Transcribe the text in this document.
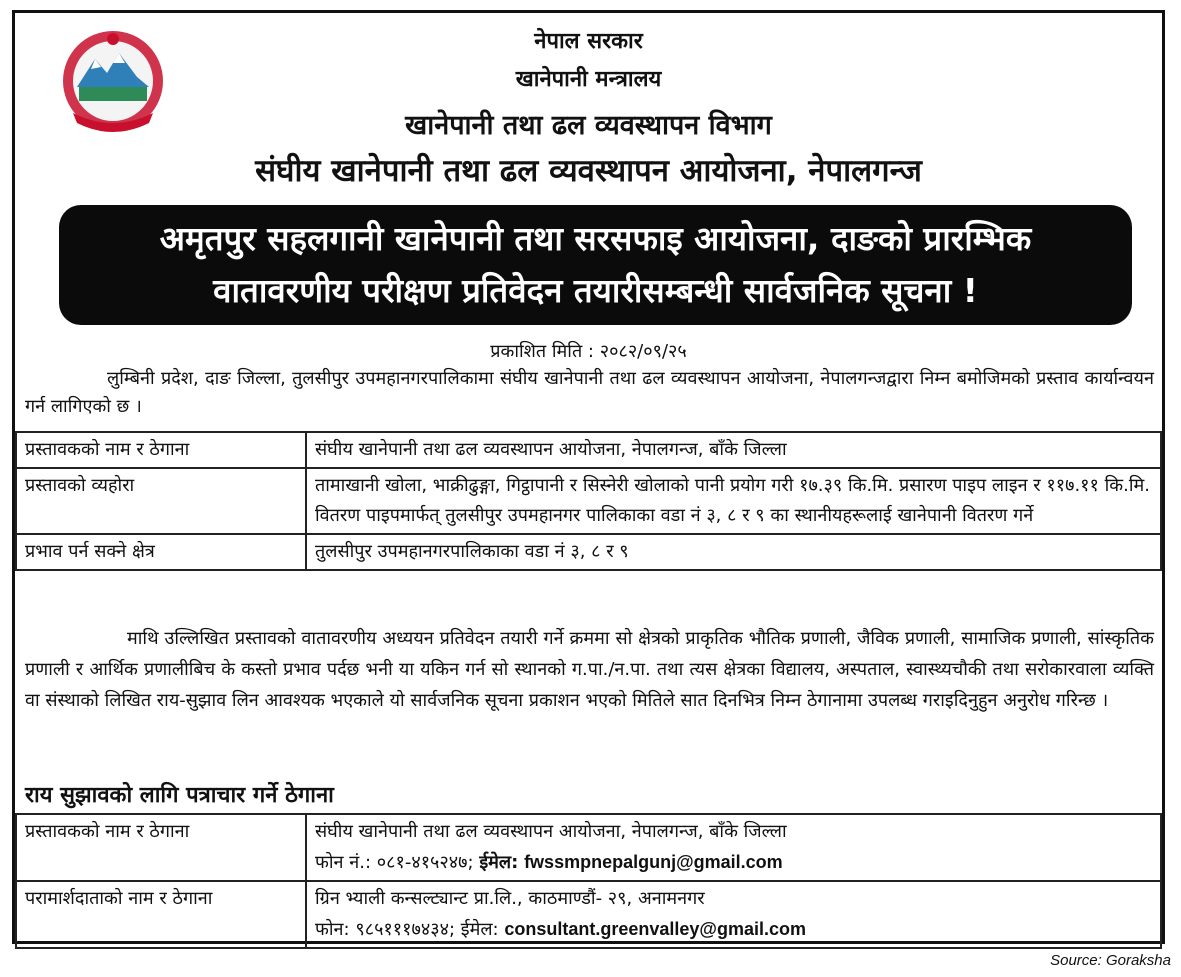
नेपाल सरकार
खानेपानी मन्त्रालय
खानेपानी तथा ढल व्यवस्थापन विभाग
संघीय खानेपानी तथा ढल व्यवस्थापन आयोजना, नेपालगन्ज
अमृतपुर सहलगानी खानेपानी तथा सरसफाइ आयोजना, दाङको प्रारम्भिक
वातावरणीय परीक्षण प्रतिवेदन तयारीसम्बन्धी सार्वजनिक सूचना !
प्रकाशित मिति : २०८२/०९/२५
लुम्बिनी प्रदेश, दाङ जिल्ला, तुलसीपुर उपमहानगरपालिकामा संघीय खानेपानी तथा ढल व्यवस्थापन आयोजना, नेपालगन्जद्वारा निम्न बमोजिमको प्रस्ताव कार्यान्वयन गर्न लागिएको छ ।
प्रस्तावकको नाम र ठेगाना	संघीय खानेपानी तथा ढल व्यवस्थापन आयोजना, नेपालगन्ज, बाँके जिल्ला
प्रस्तावको व्यहोरा	तामाखानी खोला, भाक्रीढुङ्गा, गिट्ठापानी र सिस्नेरी खोलाको पानी प्रयोग गरी १७.३९ कि.मि. प्रसारण पाइप लाइन र ११७.११ कि.मि. वितरण पाइपमार्फत् तुलसीपुर उपमहानगर पालिकाका वडा नं ३, ८ र ९ का स्थानीयहरूलाई खानेपानी वितरण गर्ने
प्रभाव पर्न सक्ने क्षेत्र	तुलसीपुर उपमहानगरपालिकाका वडा नं ३, ८ र ९
माथि उल्लिखित प्रस्तावको वातावरणीय अध्ययन प्रतिवेदन तयारी गर्ने क्रममा सो क्षेत्रको प्राकृतिक भौतिक प्रणाली, जैविक प्रणाली, सामाजिक प्रणाली, सांस्कृतिक प्रणाली र आर्थिक प्रणालीबिच के कस्तो प्रभाव पर्दछ भनी या यकिन गर्न सो स्थानको ग.पा./न.पा. तथा त्यस क्षेत्रका विद्यालय, अस्पताल, स्वास्थ्यचौकी तथा सरोकारवाला व्यक्ति वा संस्थाको लिखित राय-सुझाव लिन आवश्यक भएकाले यो सार्वजनिक सूचना प्रकाशन भएको मितिले सात दिनभित्र निम्न ठेगानामा उपलब्ध गराइदिनुहुन अनुरोध गरिन्छ ।
राय सुझावको लागि पत्राचार गर्ने ठेगाना
प्रस्तावकको नाम र ठेगाना	संघीय खानेपानी तथा ढल व्यवस्थापन आयोजना, नेपालगन्ज, बाँके जिल्ला
फोन नं.: ०८१-४१५२४७; ईमेल: fwssmpnepalgunj@gmail.com

परामार्शदाताको नाम र ठेगाना	ग्रिन भ्याली कन्सल्ट्यान्ट प्रा.लि., काठमाण्डौं- २९, अनामनगर
फोन: ९८५१११७४३४; ईमेल: consultant.greenvalley@gmail.com
Source: Goraksha
